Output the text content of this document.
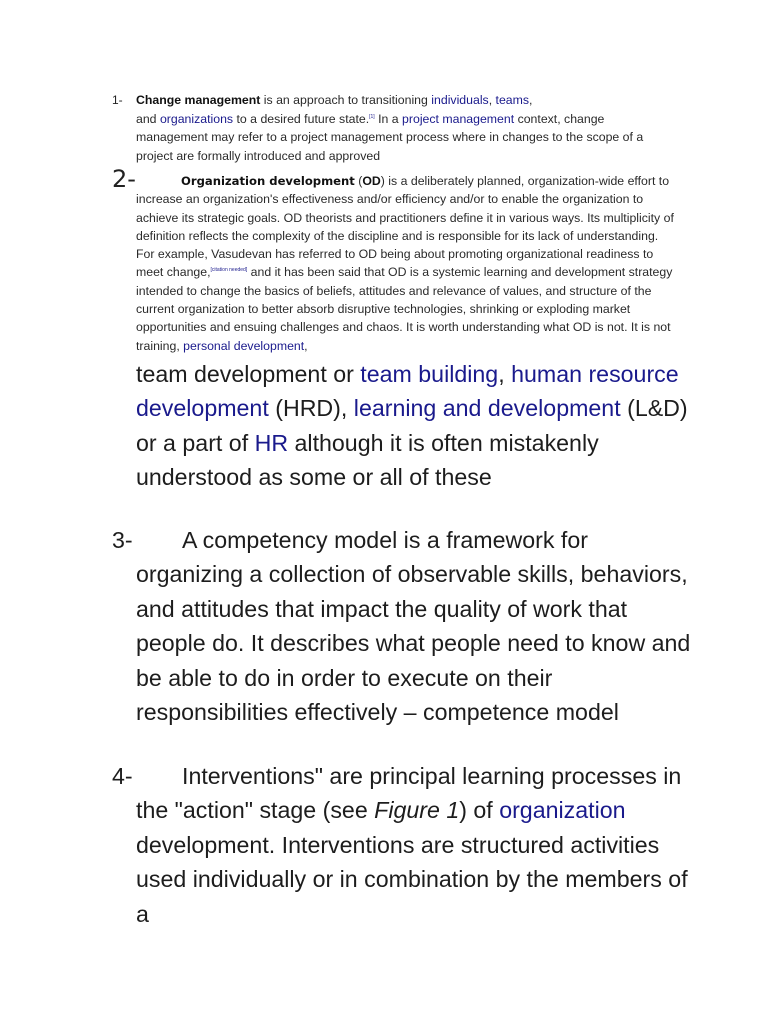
1- Change management is an approach to transitioning individuals, teams,
and organizations to a desired future state.[1] In a project management context, change management may refer to a project management process where in changes to the scope of a project are formally introduced and approved
2-	Organization development (OD) is a deliberately planned, organization-wide effort to increase an organization's effectiveness and/or efficiency and/or to enable the organization to achieve its strategic goals. OD theorists and practitioners define it in various ways. Its multiplicity of definition reflects the complexity of the discipline and is responsible for its lack of understanding. For example, Vasudevan has referred to OD being about promoting organizational readiness to meet change,[citation needed] and it has been said that OD is a systemic learning and development strategy intended to change the basics of beliefs, attitudes and relevance of values, and structure of the current organization to better absorb disruptive technologies, shrinking or exploding market opportunities and ensuing challenges and chaos. It is worth understanding what OD is not. It is not training, personal development,
team development or team building, human resource development (HRD), learning and development (L&D) or a part of HR although it is often mistakenly understood as some or all of these
3-	A competency model is a framework for organizing a collection of observable skills, behaviors, and attitudes that impact the quality of work that people do. It describes what people need to know and be able to do in order to execute on their responsibilities effectively – competence model
4-	Interventions" are principal learning processes in the "action" stage (see Figure 1) of organization development. Interventions are structured activities used individually or in combination by the members of a
